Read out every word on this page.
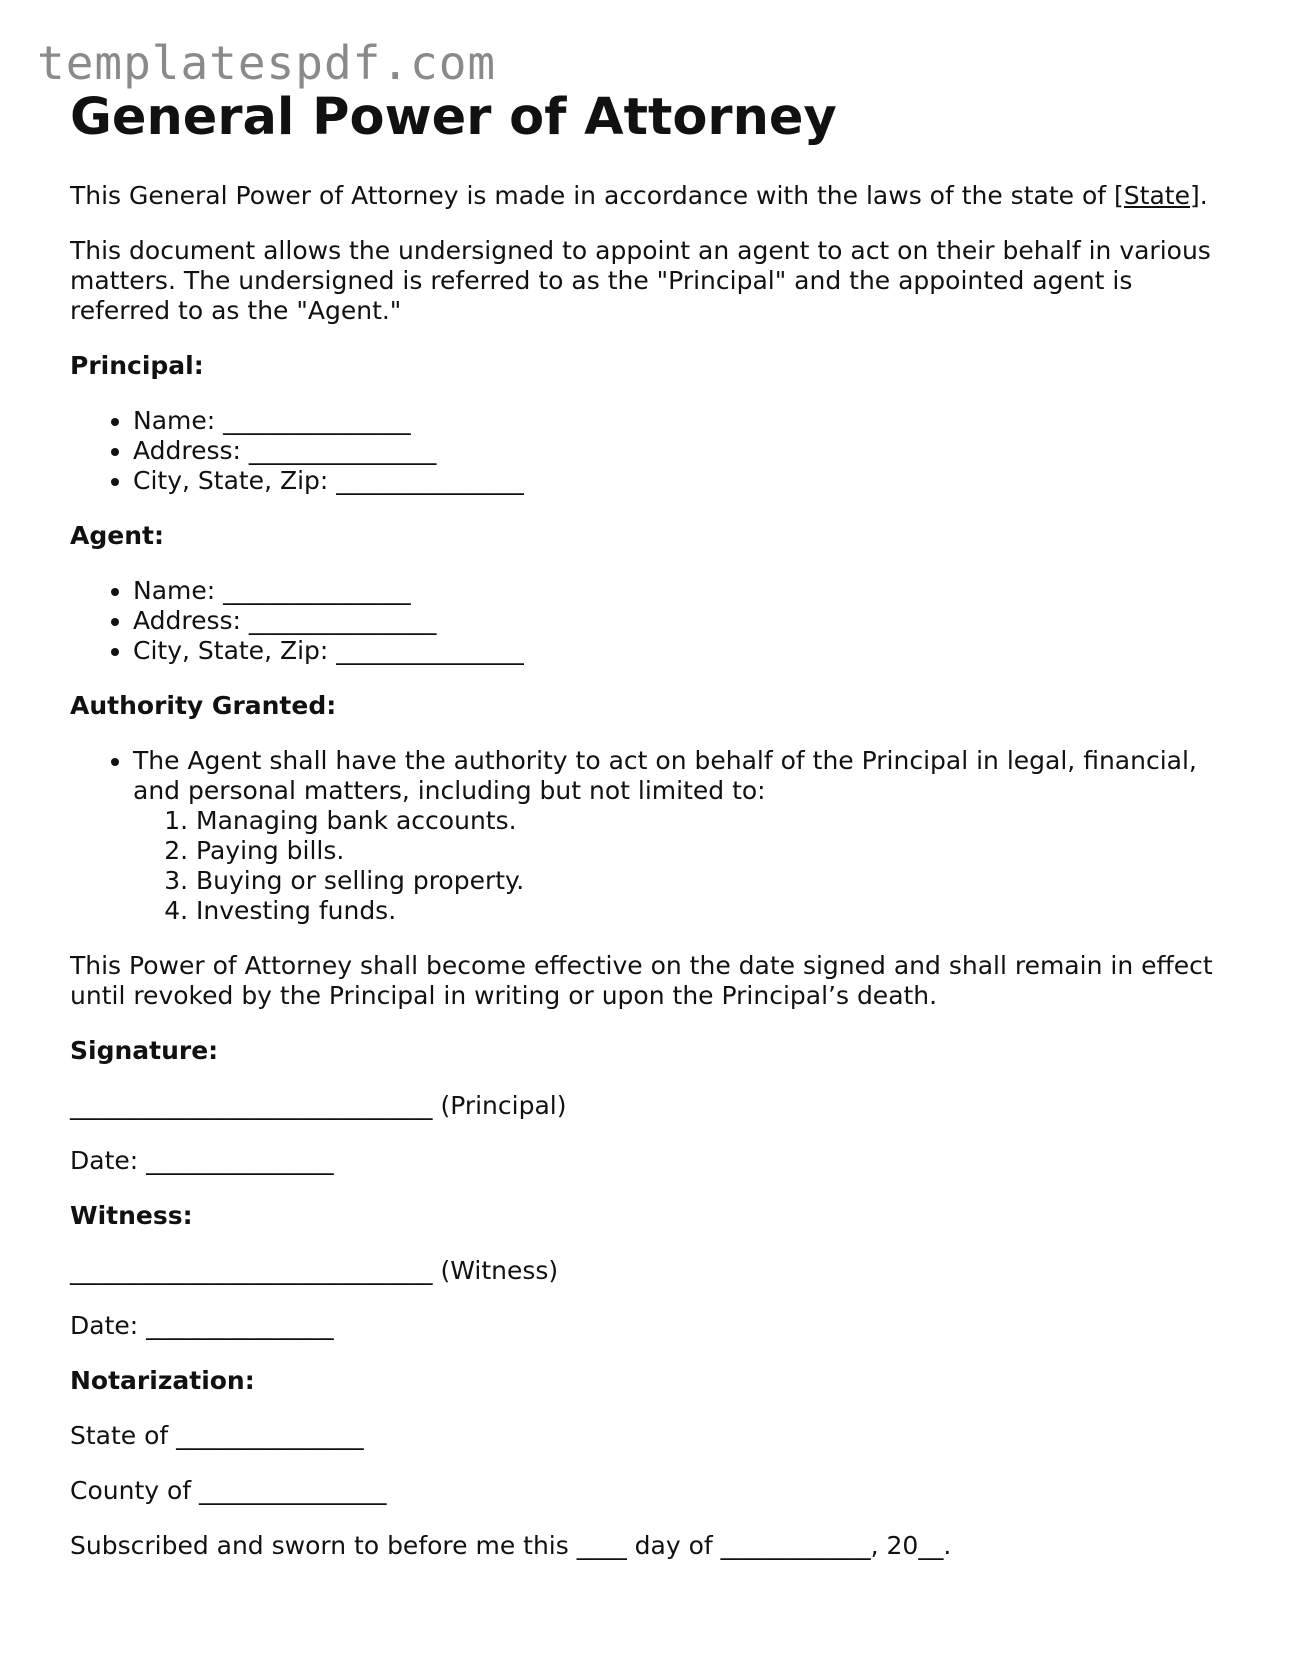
templatespdf.com
General Power of Attorney

This General Power of Attorney is made in accordance with the laws of the state of [State].

This document allows the undersigned to appoint an agent to act on their behalf in various matters. The undersigned is referred to as the "Principal" and the appointed agent is referred to as the "Agent."

Principal:
• Name: _______________
• Address: _______________
• City, State, Zip: _______________
Agent:
• Name: _______________
• Address: _______________
• City, State, Zip: _______________
Authority Granted:
• The Agent shall have the authority to act on behalf of the Principal in legal, financial, and personal matters, including but not limited to:
1. Managing bank accounts.
2. Paying bills.
3. Buying or selling property.
4. Investing funds.

This Power of Attorney shall become effective on the date signed and shall remain in effect until revoked by the Principal in writing or upon the Principal’s death.

Signature:

_____________________________ (Principal)

Date: _______________

Witness:

_____________________________ (Witness)

Date: _______________

Notarization:

State of _______________

County of _______________

Subscribed and sworn to before me this ____ day of ____________, 20__.
